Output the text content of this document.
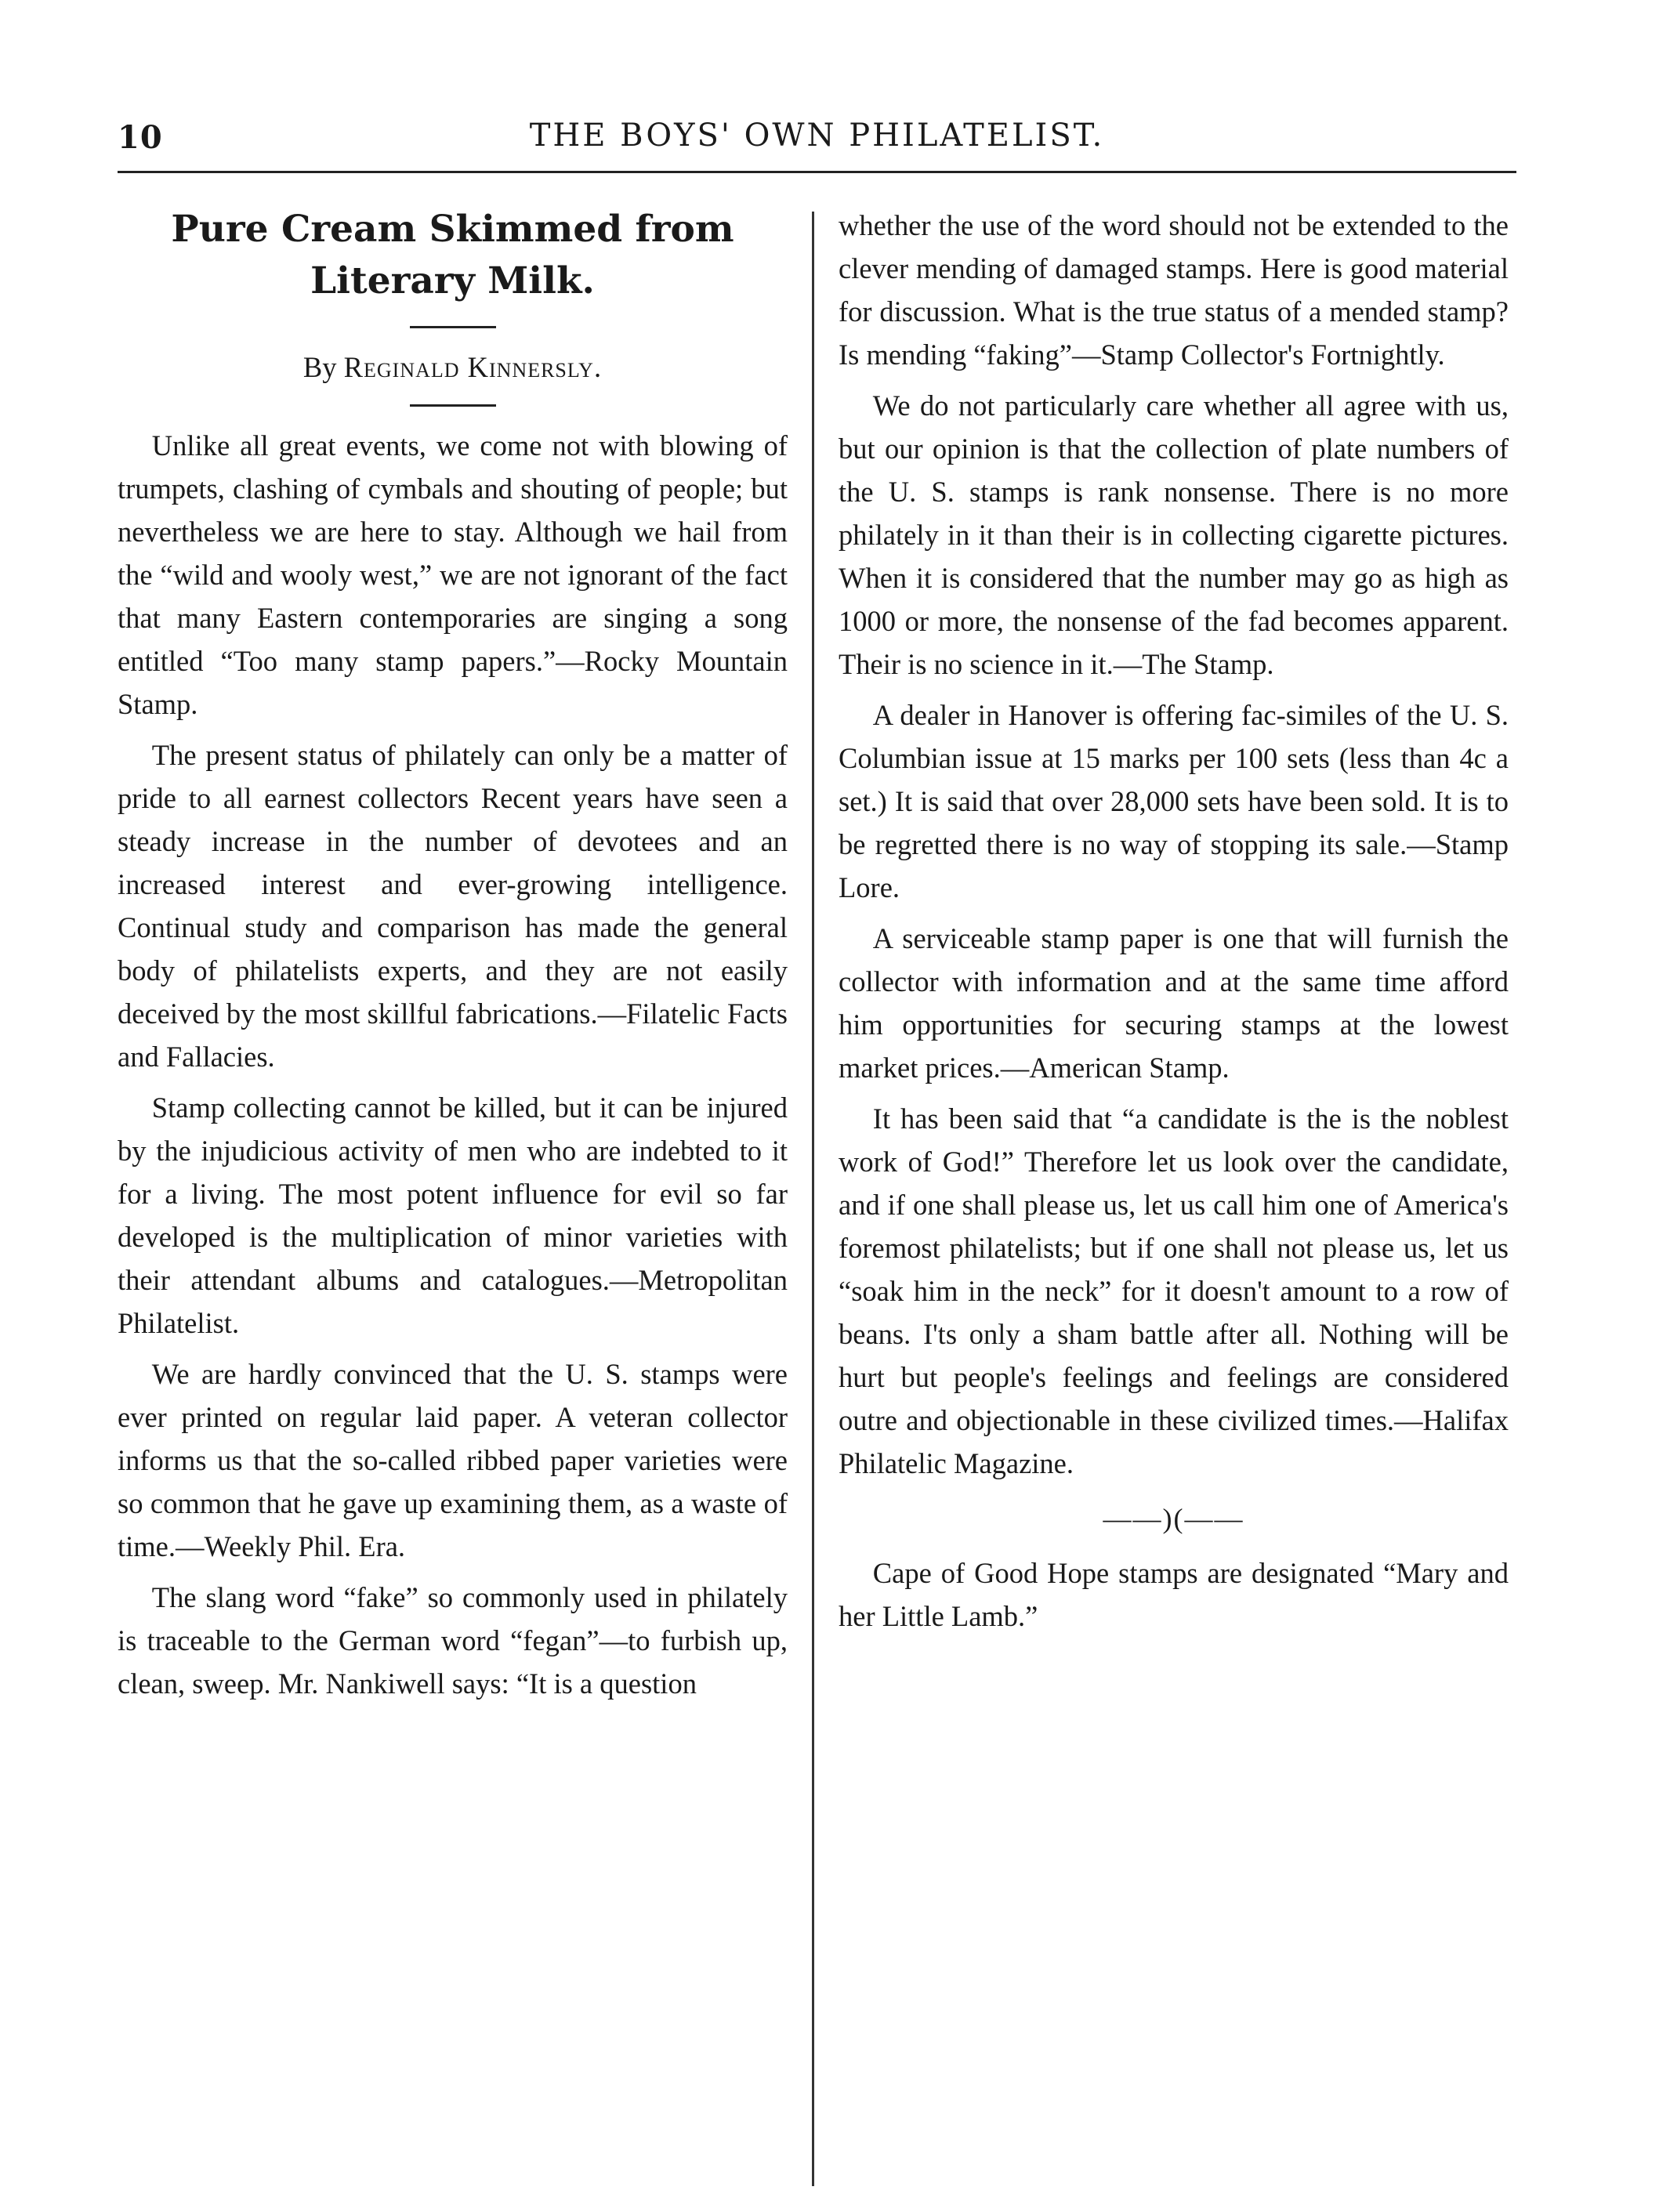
10	THE BOYS' OWN PHILATELIST.
Pure Cream Skimmed from Literary Milk.
By Reginald Kinnersly.

Unlike all great events, we come not with blowing of trumpets, clashing of cymbals and shouting of people; but nevertheless we are here to stay. Although we hail from the “wild and wooly west,” we are not ignorant of the fact that many Eastern contemporaries are singing a song entitled “Too many stamp papers.”—Rocky Mountain Stamp.

The present status of philately can only be a matter of pride to all earnest collectors Recent years have seen a steady increase in the number of devotees and an increased interest and ever-growing intelligence. Continual study and comparison has made the general body of philatelists experts, and they are not easily deceived by the most skillful fabrications.—Filatelic Facts and Fallacies.

Stamp collecting cannot be killed, but it can be injured by the injudicious activity of men who are indebted to it for a living. The most potent influence for evil so far developed is the multiplication of minor varieties with their attendant albums and catalogues.—Metropolitan Philatelist.

We are hardly convinced that the U. S. stamps were ever printed on regular laid paper. A veteran collector informs us that the so-called ribbed paper varieties were so common that he gave up examining them, as a waste of time.—Weekly Phil. Era.

The slang word “fake” so commonly used in philately is traceable to the German word “fegan”—to furbish up, clean, sweep. Mr. Nankiwell says: “It is a question

whether the use of the word should not be extended to the clever mending of damaged stamps. Here is good material for discussion. What is the true status of a mended stamp? Is mending “faking”—Stamp Collector's Fortnightly.

We do not particularly care whether all agree with us, but our opinion is that the collection of plate numbers of the U. S. stamps is rank nonsense. There is no more philately in it than their is in collecting cigarette pictures. When it is considered that the number may go as high as 1000 or more, the nonsense of the fad becomes apparent. Their is no science in it.—The Stamp.

A dealer in Hanover is offering fac-similes of the U. S. Columbian issue at 15 marks per 100 sets (less than 4c a set.) It is said that over 28,000 sets have been sold. It is to be regretted there is no way of stopping its sale.—Stamp Lore.

A serviceable stamp paper is one that will furnish the collector with information and at the same time afford him opportunities for securing stamps at the lowest market prices.—American Stamp.

It has been said that “a candidate is the is the noblest work of God!” Therefore let us look over the candidate, and if one shall please us, let us call him one of America's foremost philatelists; but if one shall not please us, let us “soak him in the neck” for it doesn't amount to a row of beans. I'ts only a sham battle after all. Nothing will be hurt but people's feelings and feelings are considered outre and objectionable in these civilized times.—Halifax Philatelic Magazine.

——)(——

Cape of Good Hope stamps are designated “Mary and her Little Lamb.”
